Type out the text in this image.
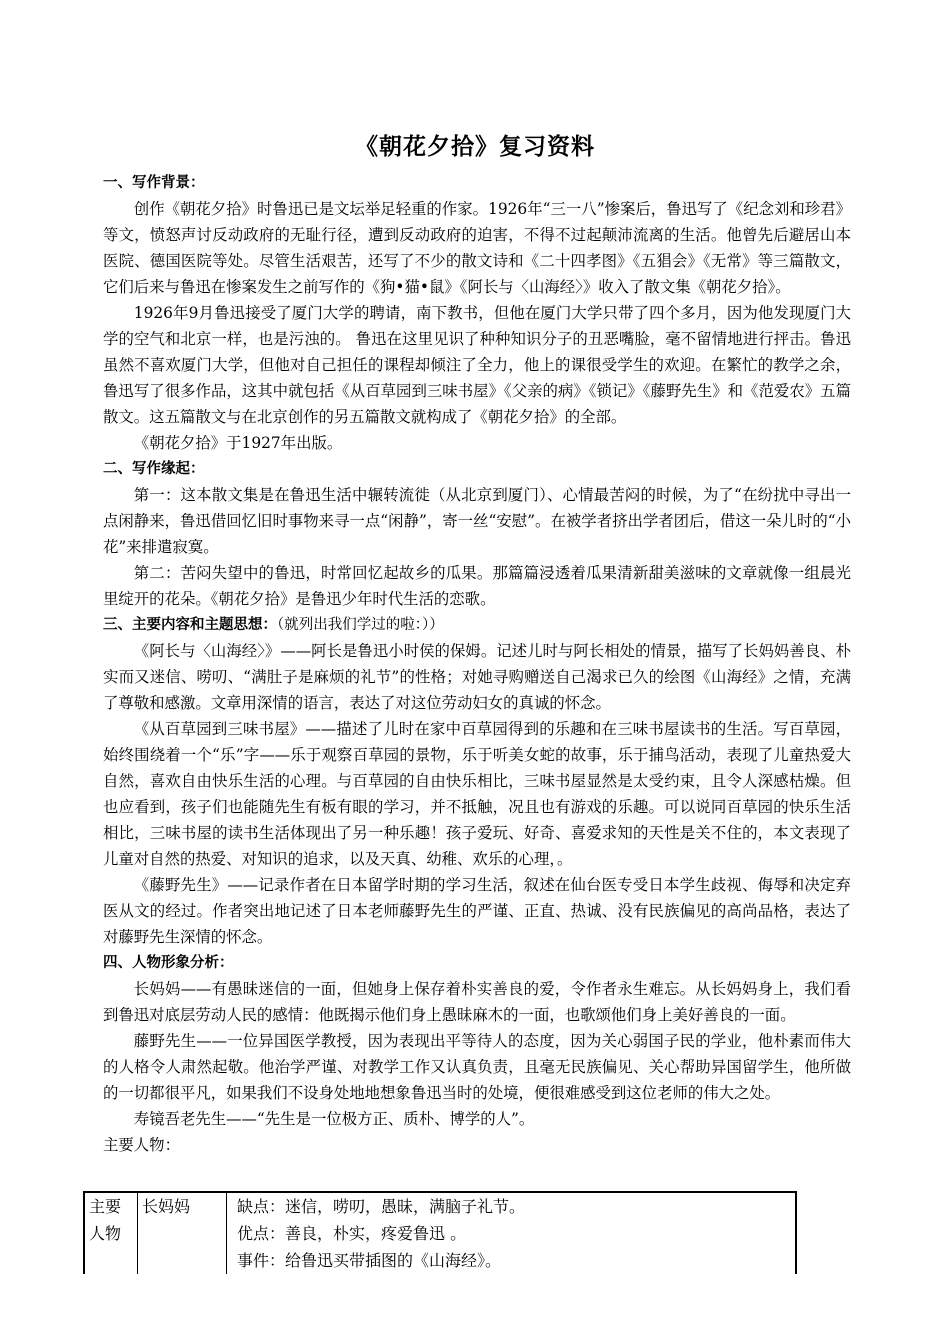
《朝花夕拾》复习资料

一、写作背景：

创作《朝花夕拾》时鲁迅已是文坛举足轻重的作家。1926年“三一八”惨案后，鲁迅写了《纪念刘和珍君》等文，愤怒声讨反动政府的无耻行径，遭到反动政府的迫害，不得不过起颠沛流离的生活。他曾先后避居山本医院、德国医院等处。尽管生活艰苦，还写了不少的散文诗和《二十四孝图》《五猖会》《无常》等三篇散文，它们后来与鲁迅在惨案发生之前写作的《狗•猫•鼠》《阿长与〈山海经〉》收入了散文集《朝花夕拾》。

1926年9月鲁迅接受了厦门大学的聘请，南下教书，但他在厦门大学只带了四个多月，因为他发现厦门大学的空气和北京一样，也是污浊的。 鲁迅在这里见识了种种知识分子的丑恶嘴脸，毫不留情地进行抨击。鲁迅虽然不喜欢厦门大学，但他对自己担任的课程却倾注了全力，他上的课很受学生的欢迎。在繁忙的教学之余，鲁迅写了很多作品，这其中就包括《从百草园到三味书屋》《父亲的病》《锁记》《藤野先生》和《范爱农》五篇散文。这五篇散文与在北京创作的另五篇散文就构成了《朝花夕拾》的全部。

《朝花夕拾》于1927年出版。

二、写作缘起：

第一：这本散文集是在鲁迅生活中辗转流徙（从北京到厦门）、心情最苦闷的时候，为了“在纷扰中寻出一点闲静来，鲁迅借回忆旧时事物来寻一点“闲静”，寄一丝“安慰”。在被学者挤出学者团后，借这一朵儿时的“小花”来排遣寂寞。

第二：苦闷失望中的鲁迅，时常回忆起故乡的瓜果。那篇篇浸透着瓜果清新甜美滋味的文章就像一组晨光里绽开的花朵。《朝花夕拾》是鲁迅少年时代生活的恋歌。

三、主要内容和主题思想：（就列出我们学过的啦：））

《阿长与〈山海经〉》——阿长是鲁迅小时侯的保姆。记述儿时与阿长相处的情景，描写了长妈妈善良、朴实而又迷信、唠叨、“满肚子是麻烦的礼节”的性格；对她寻购赠送自己渴求已久的绘图《山海经》之情，充满了尊敬和感激。文章用深情的语言，表达了对这位劳动妇女的真诚的怀念。

《从百草园到三味书屋》——描述了儿时在家中百草园得到的乐趣和在三味书屋读书的生活。写百草园，始终围绕着一个“乐”字——乐于观察百草园的景物，乐于听美女蛇的故事，乐于捕鸟活动，表现了儿童热爱大自然，喜欢自由快乐生活的心理。与百草园的自由快乐相比，三味书屋显然是太受约束，且令人深感枯燥。但也应看到，孩子们也能随先生有板有眼的学习，并不抵触，况且也有游戏的乐趣。可以说同百草园的快乐生活相比，三味书屋的读书生活体现出了另一种乐趣！孩子爱玩、好奇、喜爱求知的天性是关不住的，本文表现了儿童对自然的热爱、对知识的追求，以及天真、幼稚、欢乐的心理，。

《藤野先生》——记录作者在日本留学时期的学习生活，叙述在仙台医专受日本学生歧视、侮辱和决定弃医从文的经过。作者突出地记述了日本老师藤野先生的严谨、正直、热诚、没有民族偏见的高尚品格，表达了对藤野先生深情的怀念。

四、人物形象分析：

长妈妈——有愚昧迷信的一面，但她身上保存着朴实善良的爱，令作者永生难忘。从长妈妈身上，我们看到鲁迅对底层劳动人民的感情：他既揭示他们身上愚昧麻木的一面，也歌颂他们身上美好善良的一面。

藤野先生——一位异国医学教授，因为表现出平等待人的态度，因为关心弱国子民的学业，他朴素而伟大的人格令人肃然起敬。他治学严谨、对教学工作又认真负责，且毫无民族偏见、关心帮助异国留学生，他所做的一切都很平凡，如果我们不设身处地地想象鲁迅当时的处境，便很难感受到这位老师的伟大之处。

寿镜吾老先生——“先生是一位极方正、质朴、博学的人”。

主要人物：

主要人物	长妈妈	缺点：迷信，唠叨，愚昧，满脑子礼节。
优点：善良，朴实，疼爱鲁迅 。
事件：给鲁迅买带插图的《山海经》。
